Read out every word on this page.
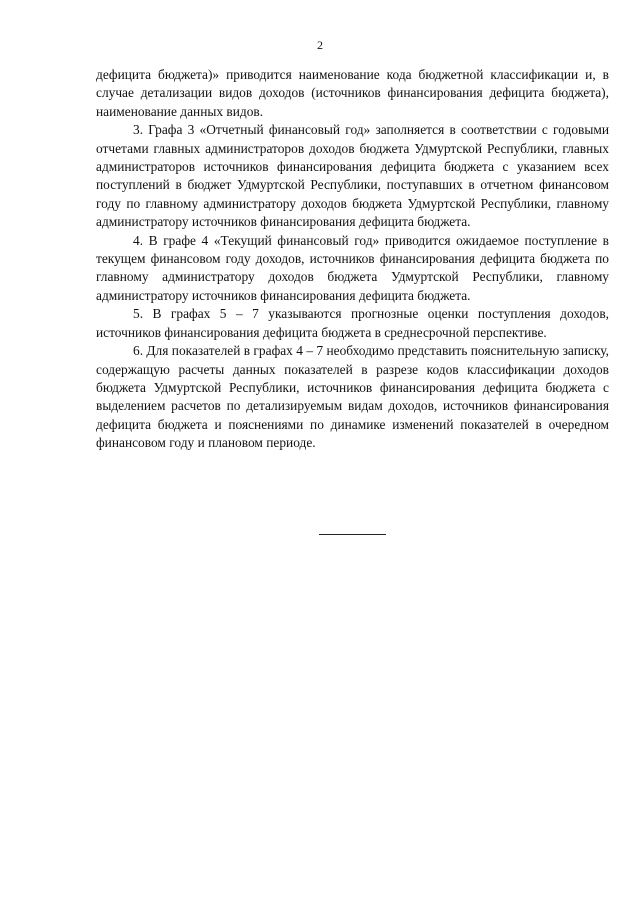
2

дефицита бюджета)» приводится наименование кода бюджетной классификации и, в случае детализации видов доходов (источников финансирования дефицита бюджета), наименование данных видов.

3. Графа 3 «Отчетный финансовый год» заполняется в соответствии с годовыми отчетами главных администраторов доходов бюджета Удмуртской Республики, главных администраторов источников финансирования дефицита бюджета с указанием всех поступлений в бюджет Удмуртской Республики, поступавших в отчетном финансовом году по главному администратору доходов бюджета Удмуртской Республики, главному администратору источников финансирования дефицита бюджета.

4. В графе 4 «Текущий финансовый год» приводится ожидаемое поступление в текущем финансовом году доходов, источников финансирования дефицита бюджета по главному администратору доходов бюджета Удмуртской Республики, главному администратору источников финансирования дефицита бюджета.

5. В графах 5 – 7 указываются прогнозные оценки поступления доходов, источников финансирования дефицита бюджета в среднесрочной перспективе.

6. Для показателей в графах 4 – 7 необходимо представить пояснительную записку, содержащую расчеты данных показателей в разрезе кодов классификации доходов бюджета Удмуртской Республики, источников финансирования дефицита бюджета с выделением расчетов по детализируемым видам доходов, источников финансирования дефицита бюджета и пояснениями по динамике изменений показателей в очередном финансовом году и плановом периоде.
